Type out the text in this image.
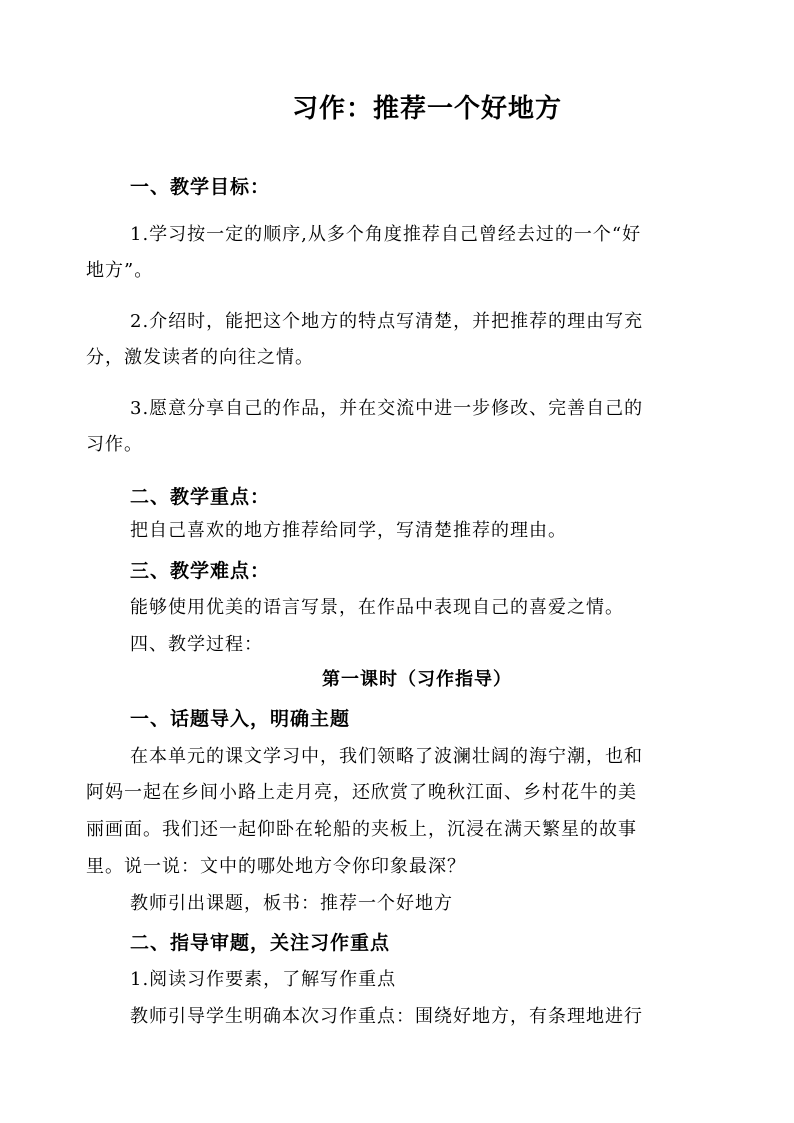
习作：推荐一个好地方
一、教学目标：
1.学习按一定的顺序,从多个角度推荐自己曾经去过的一个“好
地方”。
2.介绍时，能把这个地方的特点写清楚，并把推荐的理由写充
分，激发读者的向往之情。
3.愿意分享自己的作品，并在交流中进一步修改、完善自己的
习作。
二、教学重点：
把自己喜欢的地方推荐给同学，写清楚推荐的理由。
三、教学难点：
能够使用优美的语言写景，在作品中表现自己的喜爱之情。
四、教学过程：
第一课时（习作指导）
一、话题导入，明确主题
在本单元的课文学习中，我们领略了波澜壮阔的海宁潮，也和
阿妈一起在乡间小路上走月亮，还欣赏了晚秋江面、乡村花牛的美
丽画面。我们还一起仰卧在轮船的夹板上，沉浸在满天繁星的故事
里。说一说：文中的哪处地方令你印象最深？
教师引出课题，板书：推荐一个好地方
二、指导审题，关注习作重点
1.阅读习作要素，了解写作重点
教师引导学生明确本次习作重点：围绕好地方，有条理地进行
